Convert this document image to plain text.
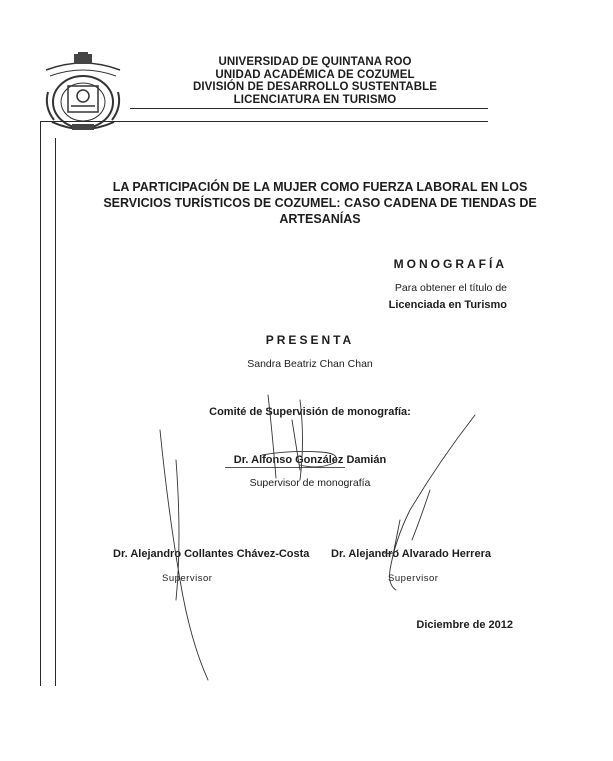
UNIVERSIDAD DE QUINTANA ROO
UNIDAD ACADÉMICA DE COZUMEL
DIVISIÓN DE DESARROLLO SUSTENTABLE
LICENCIATURA EN TURISMO
LA PARTICIPACIÓN DE LA MUJER COMO FUERZA LABORAL EN LOS
SERVICIOS TURÍSTICOS DE COZUMEL: CASO CADENA DE TIENDAS DE
ARTESANÍAS
MONOGRAFÍA
Para obtener el título de
Licenciada en Turismo
PRESENTA
Sandra Beatriz Chan Chan
Comité de Supervisión de monografía:
Dr. Alfonso González Damián
Supervisor de monografía
Dr. Alejandro Collantes Chávez-Costa
Supervisor
Dr. Alejandro Alvarado Herrera
Supervisor
Diciembre de 2012
